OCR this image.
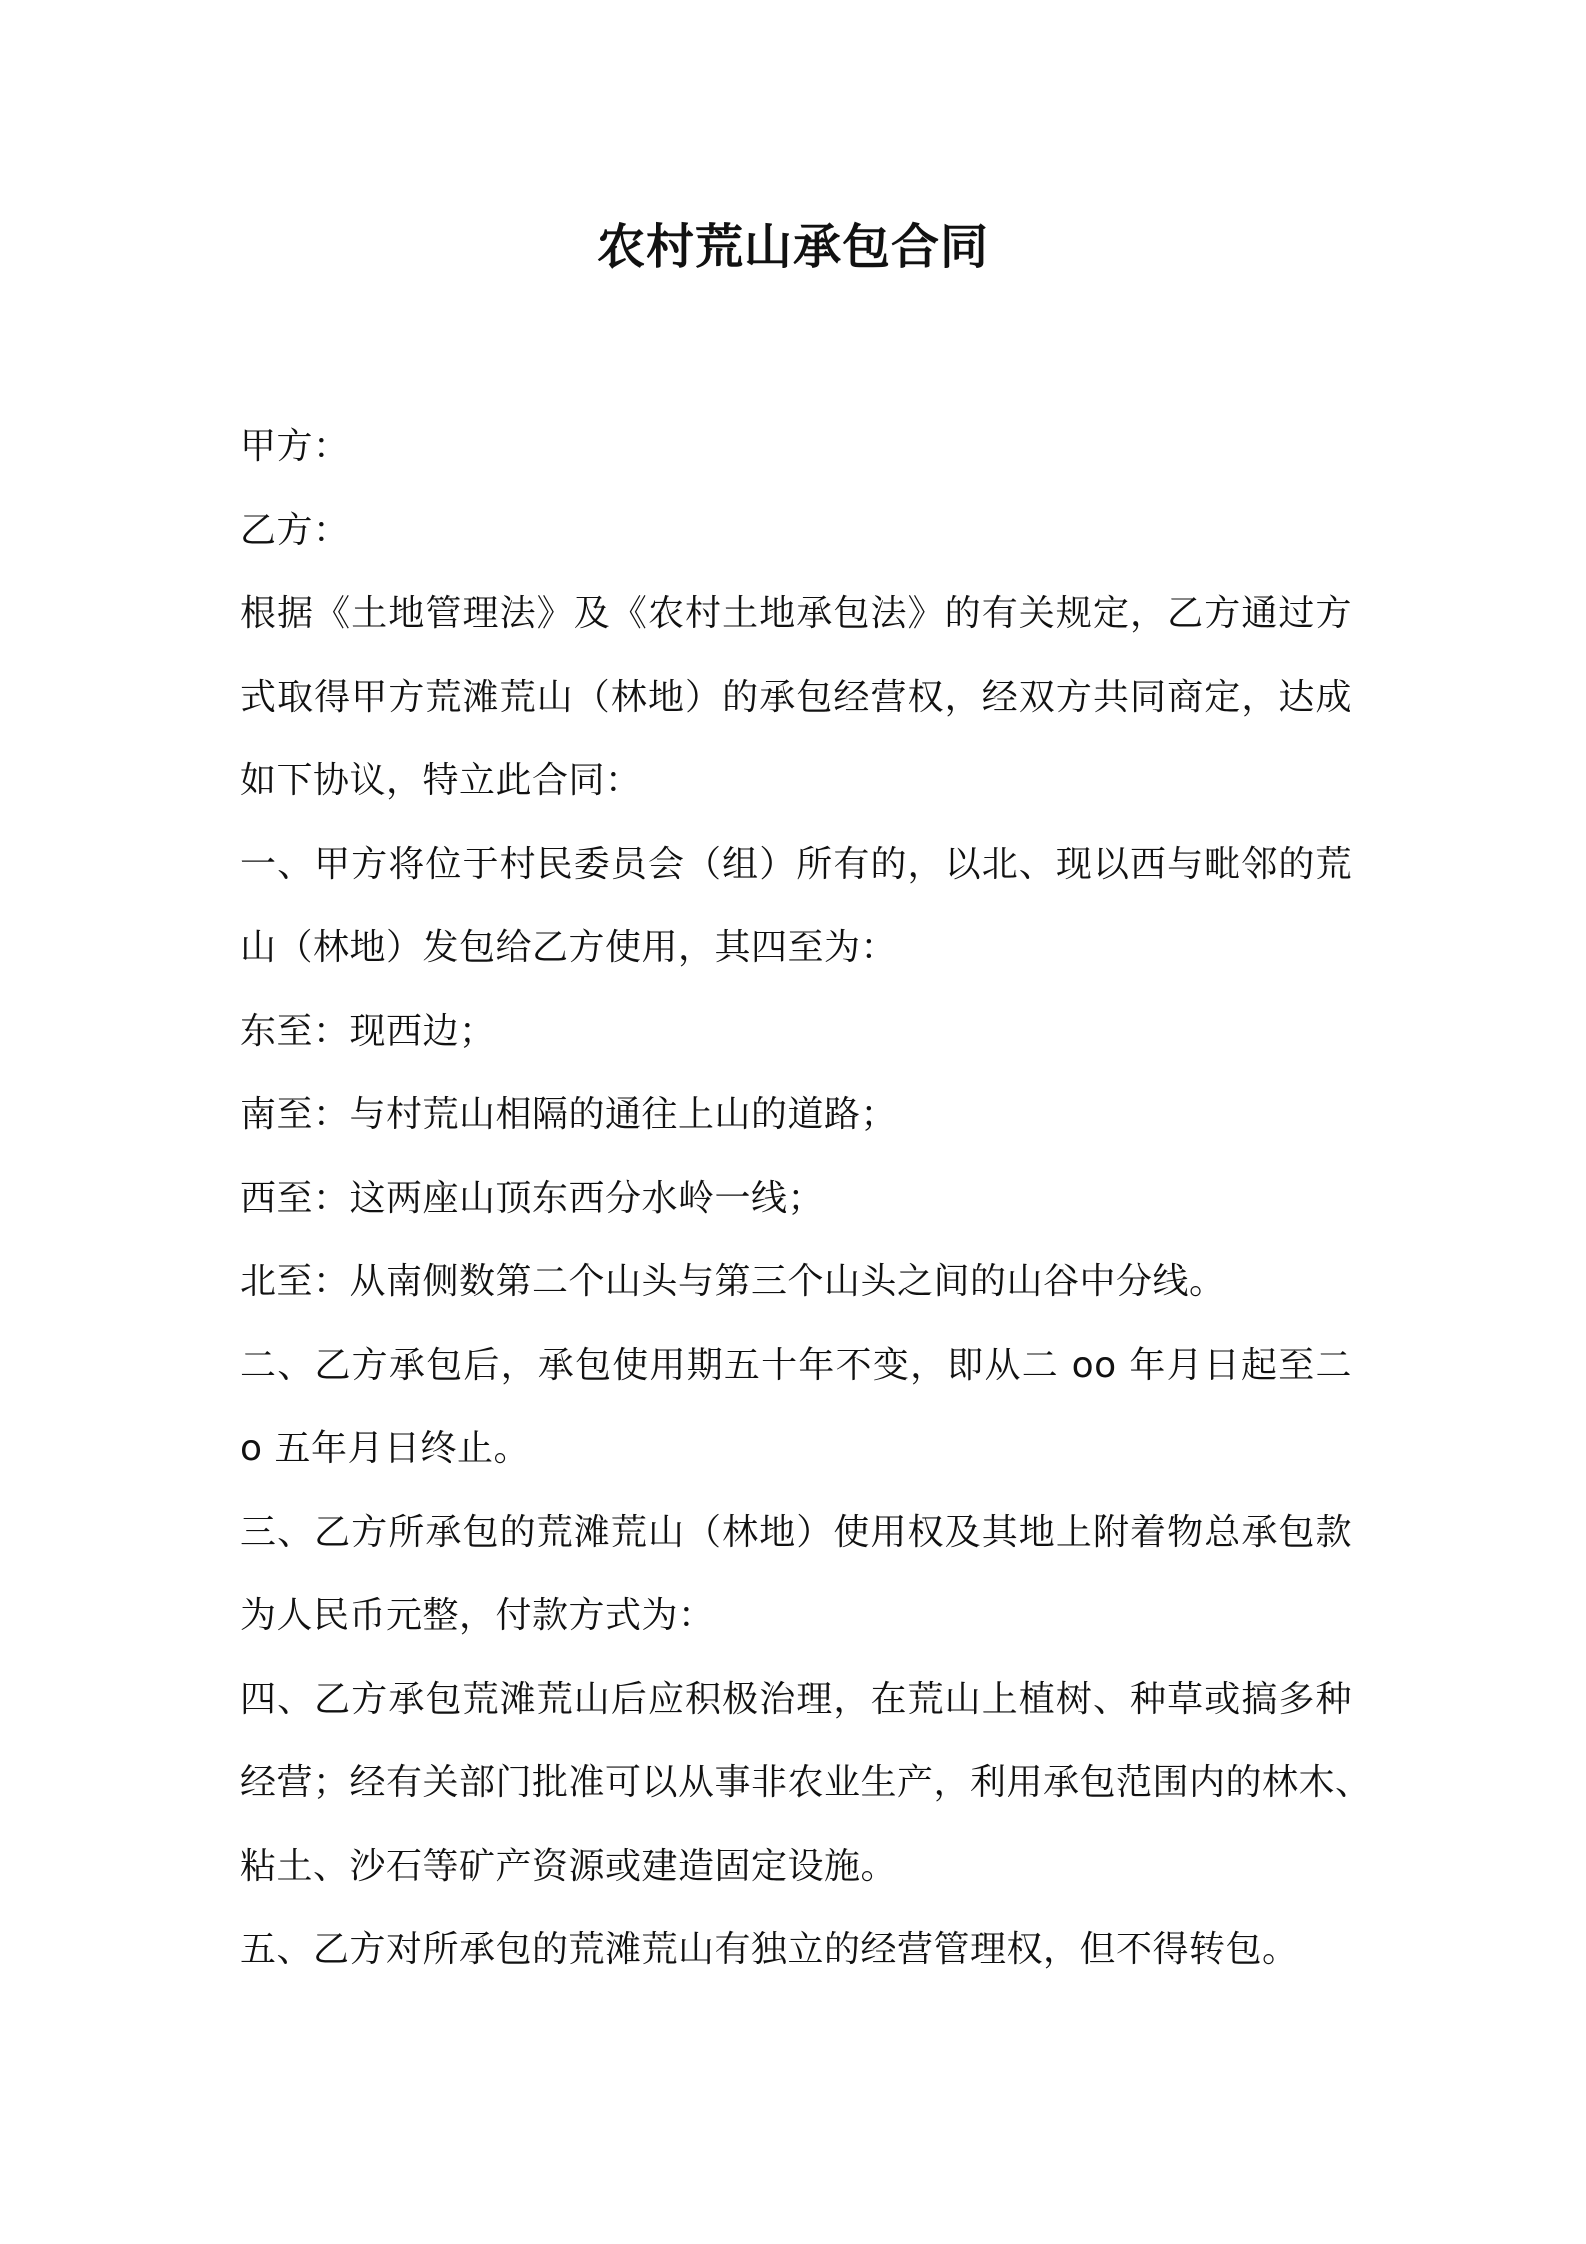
农村荒山承包合同
甲方：
乙方：
根据《土地管理法》及《农村土地承包法》的有关规定，乙方通过方
式取得甲方荒滩荒山（林地）的承包经营权，经双方共同商定，达成
如下协议，特立此合同：
一、甲方将位于村民委员会（组）所有的，以北、现以西与毗邻的荒
山（林地）发包给乙方使用，其四至为：
东至：现西边；
南至：与村荒山相隔的通往上山的道路；
西至：这两座山顶东西分水岭一线；
北至：从南侧数第二个山头与第三个山头之间的山谷中分线。
二、乙方承包后，承包使用期五十年不变，即从二 oo 年月日起至二
o 五年月日终止。
三、乙方所承包的荒滩荒山（林地）使用权及其地上附着物总承包款
为人民币元整，付款方式为：
四、乙方承包荒滩荒山后应积极治理，在荒山上植树、种草或搞多种
经营；经有关部门批准可以从事非农业生产，利用承包范围内的林木、
粘土、沙石等矿产资源或建造固定设施。
五、乙方对所承包的荒滩荒山有独立的经营管理权，但不得转包。
